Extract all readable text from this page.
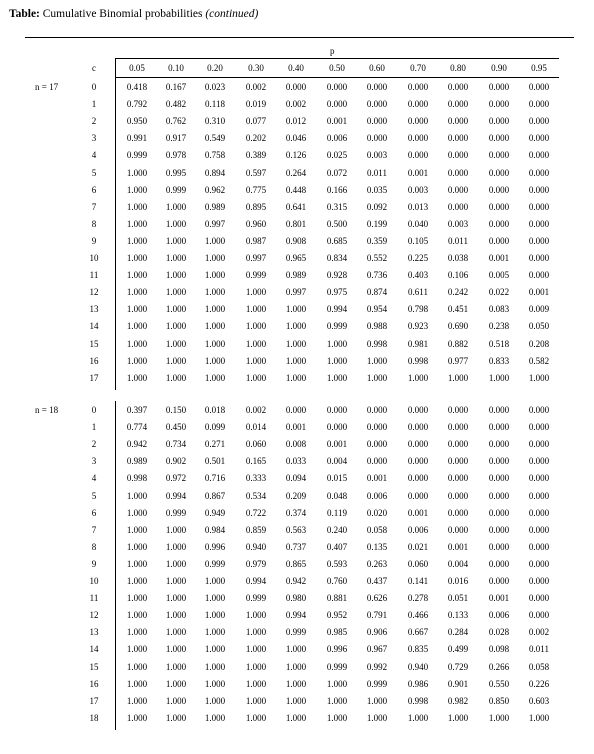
Table: Cumulative Binomial probabilities (continued)
p
c	0.05	0.10	0.20	0.30	0.40	0.50	0.60	0.70	0.80	0.90	0.95
n = 17	0	0.418	0.167	0.023	0.002	0.000	0.000	0.000	0.000	0.000	0.000	0.000
1	0.792	0.482	0.118	0.019	0.002	0.000	0.000	0.000	0.000	0.000	0.000
2	0.950	0.762	0.310	0.077	0.012	0.001	0.000	0.000	0.000	0.000	0.000
3	0.991	0.917	0.549	0.202	0.046	0.006	0.000	0.000	0.000	0.000	0.000
4	0.999	0.978	0.758	0.389	0.126	0.025	0.003	0.000	0.000	0.000	0.000
5	1.000	0.995	0.894	0.597	0.264	0.072	0.011	0.001	0.000	0.000	0.000
6	1.000	0.999	0.962	0.775	0.448	0.166	0.035	0.003	0.000	0.000	0.000
7	1.000	1.000	0.989	0.895	0.641	0.315	0.092	0.013	0.000	0.000	0.000
8	1.000	1.000	0.997	0.960	0.801	0.500	0.199	0.040	0.003	0.000	0.000
9	1.000	1.000	1.000	0.987	0.908	0.685	0.359	0.105	0.011	0.000	0.000
10	1.000	1.000	1.000	0.997	0.965	0.834	0.552	0.225	0.038	0.001	0.000
11	1.000	1.000	1.000	0.999	0.989	0.928	0.736	0.403	0.106	0.005	0.000
12	1.000	1.000	1.000	1.000	0.997	0.975	0.874	0.611	0.242	0.022	0.001
13	1.000	1.000	1.000	1.000	1.000	0.994	0.954	0.798	0.451	0.083	0.009
14	1.000	1.000	1.000	1.000	1.000	0.999	0.988	0.923	0.690	0.238	0.050
15	1.000	1.000	1.000	1.000	1.000	1.000	0.998	0.981	0.882	0.518	0.208
16	1.000	1.000	1.000	1.000	1.000	1.000	1.000	0.998	0.977	0.833	0.582
17	1.000	1.000	1.000	1.000	1.000	1.000	1.000	1.000	1.000	1.000	1.000
n = 18	0	0.397	0.150	0.018	0.002	0.000	0.000	0.000	0.000	0.000	0.000	0.000
1	0.774	0.450	0.099	0.014	0.001	0.000	0.000	0.000	0.000	0.000	0.000
2	0.942	0.734	0.271	0.060	0.008	0.001	0.000	0.000	0.000	0.000	0.000
3	0.989	0.902	0.501	0.165	0.033	0.004	0.000	0.000	0.000	0.000	0.000
4	0.998	0.972	0.716	0.333	0.094	0.015	0.001	0.000	0.000	0.000	0.000
5	1.000	0.994	0.867	0.534	0.209	0.048	0.006	0.000	0.000	0.000	0.000
6	1.000	0.999	0.949	0.722	0.374	0.119	0.020	0.001	0.000	0.000	0.000
7	1.000	1.000	0.984	0.859	0.563	0.240	0.058	0.006	0.000	0.000	0.000
8	1.000	1.000	0.996	0.940	0.737	0.407	0.135	0.021	0.001	0.000	0.000
9	1.000	1.000	0.999	0.979	0.865	0.593	0.263	0.060	0.004	0.000	0.000
10	1.000	1.000	1.000	0.994	0.942	0.760	0.437	0.141	0.016	0.000	0.000
11	1.000	1.000	1.000	0.999	0.980	0.881	0.626	0.278	0.051	0.001	0.000
12	1.000	1.000	1.000	1.000	0.994	0.952	0.791	0.466	0.133	0.006	0.000
13	1.000	1.000	1.000	1.000	0.999	0.985	0.906	0.667	0.284	0.028	0.002
14	1.000	1.000	1.000	1.000	1.000	0.996	0.967	0.835	0.499	0.098	0.011
15	1.000	1.000	1.000	1.000	1.000	0.999	0.992	0.940	0.729	0.266	0.058
16	1.000	1.000	1.000	1.000	1.000	1.000	0.999	0.986	0.901	0.550	0.226
17	1.000	1.000	1.000	1.000	1.000	1.000	1.000	0.998	0.982	0.850	0.603
18	1.000	1.000	1.000	1.000	1.000	1.000	1.000	1.000	1.000	1.000	1.000
